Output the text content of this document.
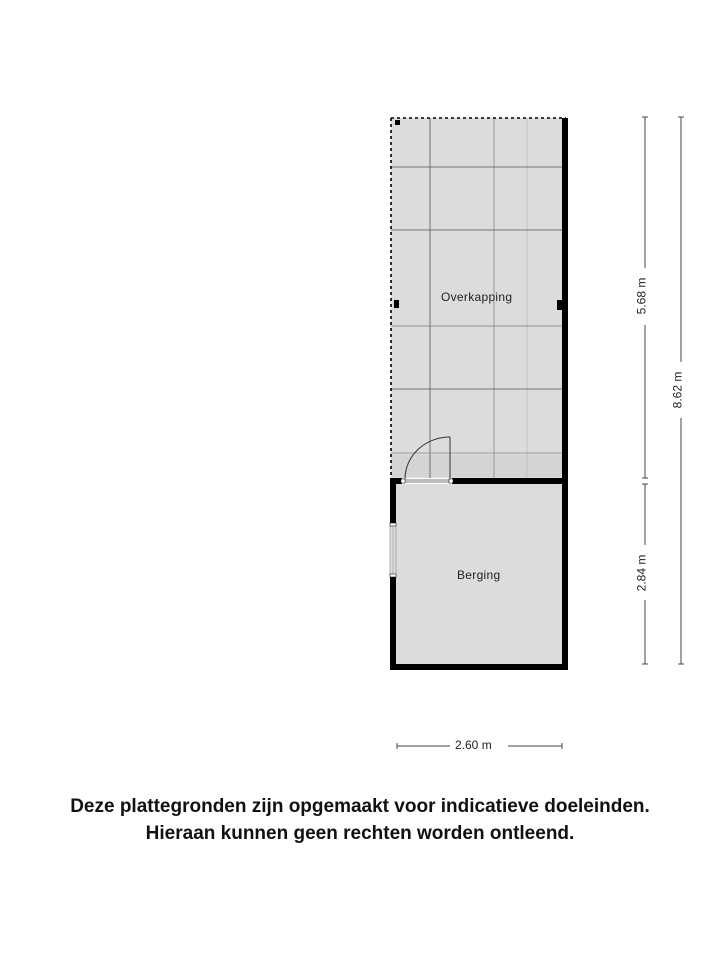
Overkapping
Berging
2.60 m
5.68 m
2.84 m
8.62 m
Deze plattegronden zijn opgemaakt voor indicatieve doeleinden.
Hieraan kunnen geen rechten worden ontleend.
